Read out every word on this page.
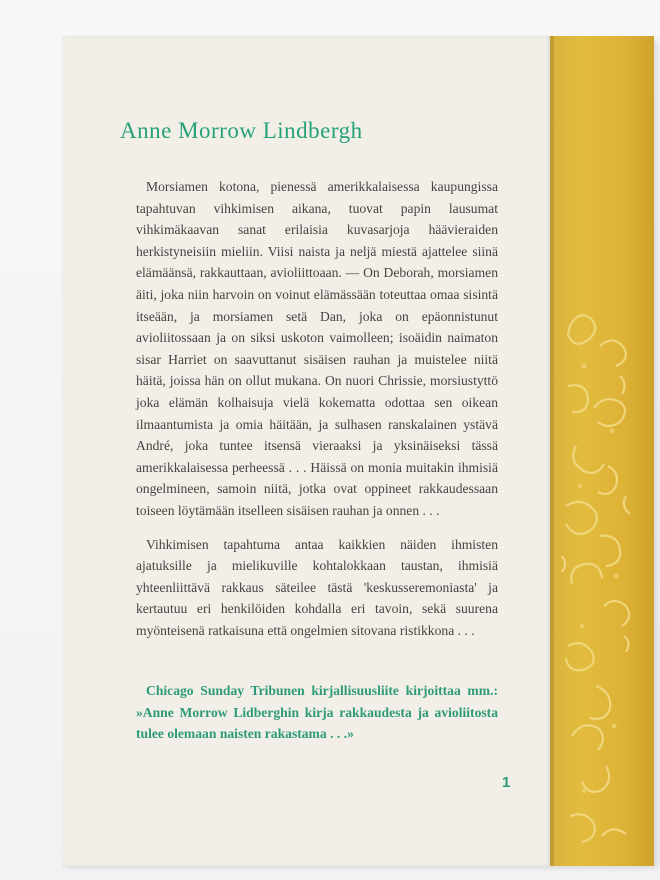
Anne Morrow Lindbergh

Morsiamen kotona, pienessä amerikkalaisessa kaupungissa tapahtuvan vihkimisen aikana, tuovat papin lausumat vihkimäkaavan sanat erilaisia kuvasarjoja häävieraiden herkistyneisiin mieliin. Viisi naista ja neljä miestä ajattelee siinä elämäänsä, rakkauttaan, avioliittoaan. — On Deborah, morsiamen äiti, joka niin harvoin on voinut elämässään toteuttaa omaa sisintä itseään, ja morsiamen setä Dan, joka on epäonnistunut avioliitossaan ja on siksi uskoton vaimolleen; isoäidin naimaton sisar Harriet on saavuttanut sisäisen rauhan ja muistelee niitä häitä, joissa hän on ollut mukana. On nuori Chrissie, morsiustyttö joka elämän kolhaisuja vielä kokematta odottaa sen oikean ilmaantumista ja omia häitään, ja sulhasen ranskalainen ystävä André, joka tuntee itsensä vieraaksi ja yksinäiseksi tässä amerikkalaisessa perheessä . . . Häissä on monia muitakin ihmisiä ongelmineen, samoin niitä, jotka ovat oppineet rakkaudessaan toiseen löytämään itselleen sisäisen rauhan ja onnen . . .

Vihkimisen tapahtuma antaa kaikkien näiden ihmisten ajatuksille ja mielikuville kohtalokkaan taustan, ihmisiä yhteenliittävä rakkaus säteilee tästä 'keskusseremoniasta' ja kertautuu eri henkilöiden kohdalla eri tavoin, sekä suurena myönteisenä ratkaisuna että ongelmien sitovana ristikkona . . .

Chicago Sunday Tribunen kirjallisuusliite kirjoittaa mm.: »Anne Morrow Lidberghin kirja rakkaudesta ja avioliitosta tulee olemaan naisten rakastama . . .»
1
